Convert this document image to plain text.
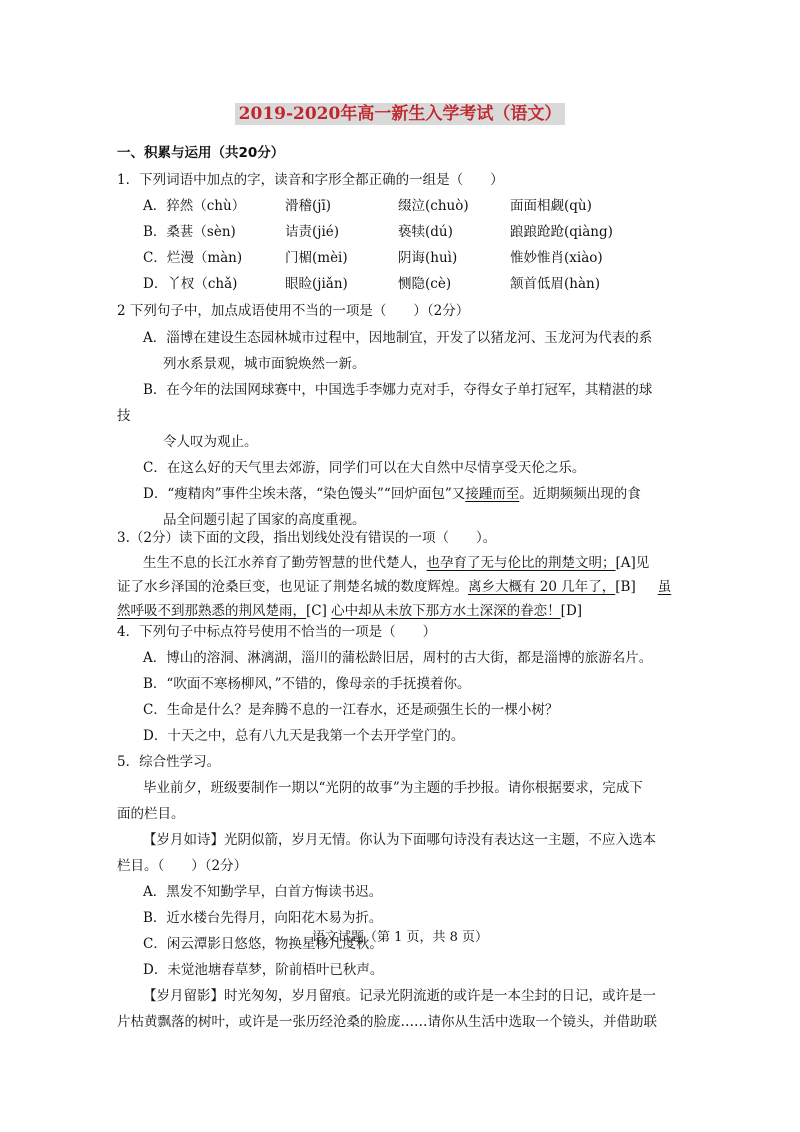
2019-2020年高一新生入学考试（语文）
一、积累与运用（共20分）
1．下列词语中加点的字，读音和字形全都正确的一组是（　　）
A．猝然（chù）	滑稽(jī)	缀泣(chuò)	面面相觑(qù)
B．桑葚（sèn)	诘责(jié)	亵犊(dú)	踉踉跄跄(qiàng)
C．烂漫（màn)	门楣(mèi)	阴诲(huì)	惟妙惟肖(xiào)
D．丫杈（chǎ)	眼睑(jiǎn)	恻隐(cè)	颔首低眉(hàn)
2 下列句子中，加点成语使用不当的一项是（　　）（2分）
A．淄博在建设生态园林城市过程中，因地制宜，开发了以猪龙河、玉龙河为代表的系
列水系景观，城市面貌焕然一新。
B．在今年的法国网球赛中，中国选手李娜力克对手，夺得女子单打冠军，其精湛的球
技
令人叹为观止。
C．在这么好的天气里去郊游，同学们可以在大自然中尽情享受天伦之乐。
D．“瘦精肉”事件尘埃未落，“染色馒头”“回炉面包”又接踵而至。近期频频出现的食
品全问题引起了国家的高度重视。
3.（2分）读下面的文段，指出划线处没有错误的一项（　　）。
生生不息的长江水养育了勤劳智慧的世代楚人，也孕育了无与伦比的荆楚文明；[A]见
证了水乡泽国的沧桑巨变，也见证了荆楚名城的数度辉煌。离乡大概有 20 几年了，[B] 虽
然呼吸不到那熟悉的荆风楚雨，[C] 心中却从未放下那方水土深深的眷恋！[D]
4．下列句子中标点符号使用不恰当的一项是（　　）
A．博山的溶洞、淋漓湖，淄川的蒲松龄旧居，周村的古大街，都是淄博的旅游名片。
B．“吹面不寒杨柳风，”不错的，像母亲的手抚摸着你。
C．生命是什么？是奔腾不息的一江春水，还是顽强生长的一棵小树？
D．十天之中，总有八九天是我第一个去开学堂门的。
5．综合性学习。
毕业前夕，班级要制作一期以“光阴的故事”为主题的手抄报。请你根据要求，完成下
面的栏目。
【岁月如诗】光阴似箭，岁月无情。你认为下面哪句诗没有表达这一主题，不应入选本
栏目。（　　）（2分）
A．黑发不知勤学早，白首方悔读书迟。
B．近水楼台先得月，向阳花木易为折。
C．闲云潭影日悠悠，物换星移几度秋。
D．未觉池塘春草梦，阶前梧叶已秋声。
【岁月留影】时光匆匆，岁月留痕。记录光阴流逝的或许是一本尘封的日记，或许是一
片枯黄飘落的树叶，或许是一张历经沧桑的脸庞……请你从生活中选取一个镜头，并借助联
语文试题（第 1 页，共 8 页）
